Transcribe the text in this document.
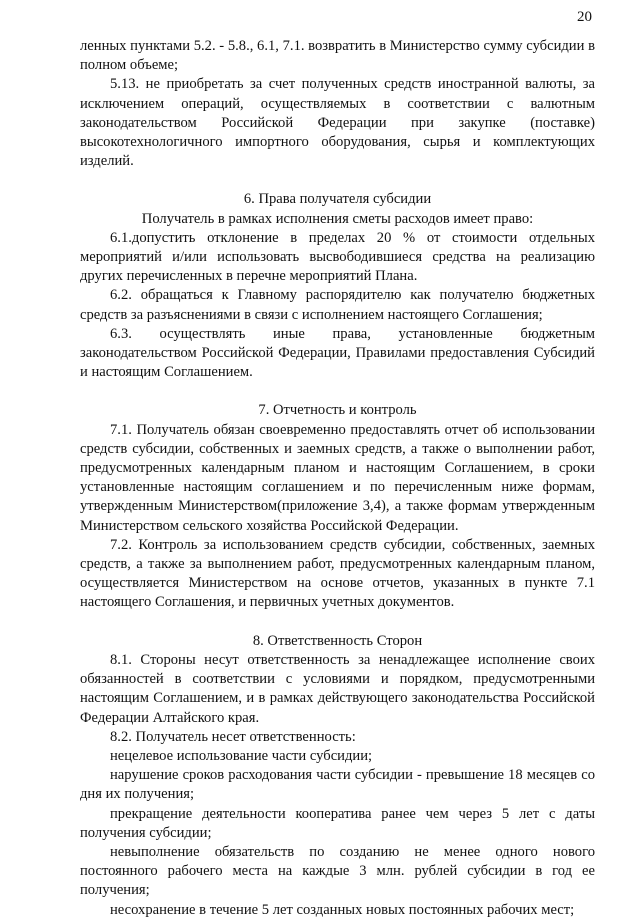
20

ленных пунктами 5.2. - 5.8., 6.1, 7.1. возвратить в Министерство сумму субсидии в полном объеме;

5.13. не приобретать за счет полученных средств иностранной валюты, за исключением операций, осуществляемых в соответствии с валютным законодательством Российской Федерации при закупке (поставке) высокотехнологичного импортного оборудования, сырья и комплектующих изделий.

6. Права получателя субсидии
Получатель в рамках исполнения сметы расходов имеет право:

6.1.допустить отклонение в пределах 20 % от стоимости отдельных мероприятий и/или использовать высвободившиеся средства на реализацию других перечисленных в перечне мероприятий Плана.

6.2. обращаться к Главному распорядителю как получателю бюджетных средств за разъяснениями в связи с исполнением настоящего Соглашения;

6.3. осуществлять иные права, установленные бюджетным законодательством Российской Федерации, Правилами предоставления Субсидий и настоящим Соглашением.

7. Отчетность и контроль

7.1. Получатель обязан своевременно предоставлять отчет об использовании средств субсидии, собственных и заемных средств, а также о выполнении работ, предусмотренных календарным планом и настоящим Соглашением, в сроки установленные настоящим соглашением и по перечисленным ниже формам, утвержденным Министерством(приложение 3,4), а также формам утвержденным Министерством сельского хозяйства Российской Федерации.

7.2. Контроль за использованием средств субсидии, собственных, заемных средств, а также за выполнением работ, предусмотренных календарным планом, осуществляется Министерством на основе отчетов, указанных в пункте 7.1 настоящего Соглашения, и первичных учетных документов.

8. Ответственность Сторон

8.1. Стороны несут ответственность за ненадлежащее исполнение своих обязанностей в соответствии с условиями и порядком, предусмотренными настоящим Соглашением, и в рамках действующего законодательства Российской Федерации Алтайского края.

8.2. Получатель несет ответственность:

нецелевое использование части субсидии;

нарушение сроков расходования части субсидии - превышение 18 месяцев со дня их получения;

прекращение деятельности кооператива ранее чем через 5 лет с даты получения субсидии;

невыполнение обязательств по созданию не менее одного нового постоянного рабочего места на каждые 3 млн. рублей субсидии в год ее получения;

несохранение в течение 5 лет созданных новых постоянных рабочих мест;
